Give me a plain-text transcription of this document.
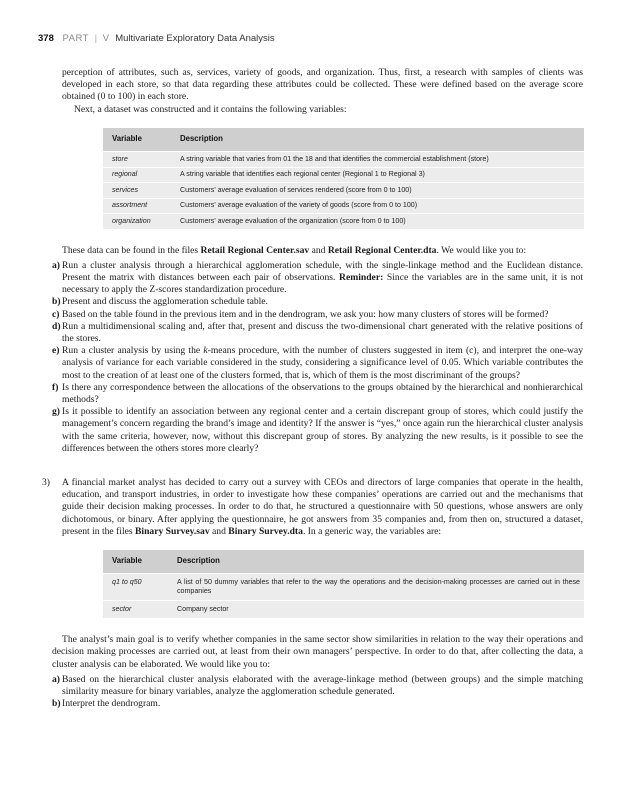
378 PART | V Multivariate Exploratory Data Analysis

perception of attributes, such as, services, variety of goods, and organization. Thus, first, a research with samples of clients was developed in each store, so that data regarding these attributes could be collected. These were defined based on the average score obtained (0 to 100) in each store.

Next, a dataset was constructed and it contains the following variables:

Variable	Description
store	A string variable that varies from 01 the 18 and that identifies the commercial establishment (store)
regional	A string variable that identifies each regional center (Regional 1 to Regional 3)
services	Customers’ average evaluation of services rendered (score from 0 to 100)
assortment	Customers’ average evaluation of the variety of goods (score from 0 to 100)
organization	Customers’ average evaluation of the organization (score from 0 to 100)

These data can be found in the files Retail Regional Center.sav and Retail Regional Center.dta. We would like you to:

a) Run a cluster analysis through a hierarchical agglomeration schedule, with the single-linkage method and the Euclidean distance. Present the matrix with distances between each pair of observations. Reminder: Since the variables are in the same unit, it is not necessary to apply the Z-scores standardization procedure.
b) Present and discuss the agglomeration schedule table.
c) Based on the table found in the previous item and in the dendrogram, we ask you: how many clusters of stores will be formed?
d) Run a multidimensional scaling and, after that, present and discuss the two-dimensional chart generated with the relative positions of the stores.
e) Run a cluster analysis by using the k-means procedure, with the number of clusters suggested in item (c), and interpret the one-way analysis of variance for each variable considered in the study, considering a significance level of 0.05. Which variable contributes the most to the creation of at least one of the clusters formed, that is, which of them is the most discriminant of the groups?
f) Is there any correspondence between the allocations of the observations to the groups obtained by the hierarchical and nonhierarchical methods?
g) Is it possible to identify an association between any regional center and a certain discrepant group of stores, which could justify the management’s concern regarding the brand’s image and identity? If the answer is “yes,” once again run the hierarchical cluster analysis with the same criteria, however, now, without this discrepant group of stores. By analyzing the new results, is it possible to see the differences between the others stores more clearly?
3) A financial market analyst has decided to carry out a survey with CEOs and directors of large companies that operate in the health, education, and transport industries, in order to investigate how these companies’ operations are carried out and the mechanisms that guide their decision making processes. In order to do that, he structured a questionnaire with 50 questions, whose answers are only dichotomous, or binary. After applying the questionnaire, he got answers from 35 companies and, from then on, structured a dataset, present in the files Binary Survey.sav and Binary Survey.dta. In a generic way, the variables are:
Variable	Description
q1 to q50	A list of 50 dummy variables that refer to the way the operations and the decision-making processes are carried out in these companies
sector	Company sector

The analyst’s main goal is to verify whether companies in the same sector show similarities in relation to the way their operations and decision making processes are carried out, at least from their own managers’ perspective. In order to do that, after collecting the data, a cluster analysis can be elaborated. We would like you to:

a) Based on the hierarchical cluster analysis elaborated with the average-linkage method (between groups) and the simple matching similarity measure for binary variables, analyze the agglomeration schedule generated.
b) Interpret the dendrogram.
